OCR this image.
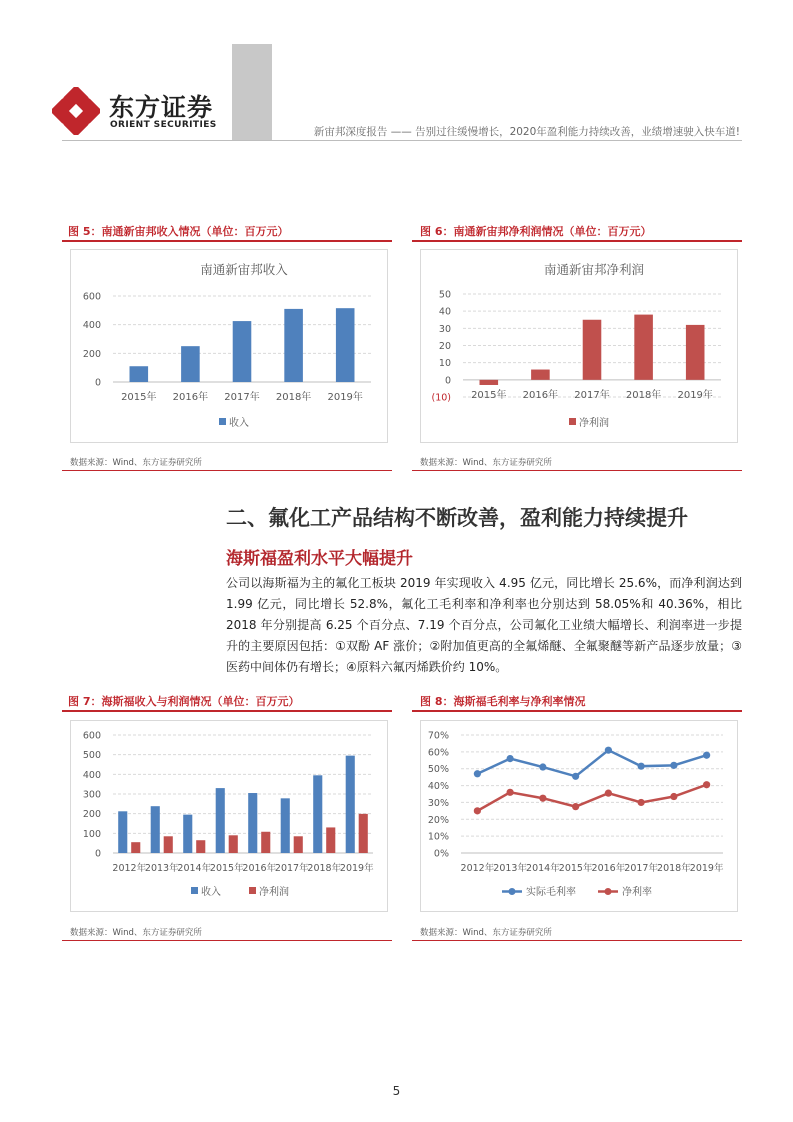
东方证券
ORIENT SECURITIES
新宙邦深度报告 —— 告别过往缓慢增长，2020年盈利能力持续改善，业绩增速驶入快车道!
图 5：南通新宙邦收入情况（单位：百万元）
南通新宙邦收入
0
200
400
600
2015年 2016年 2017年 2018年 2019年
收入
数据来源：Wind、东方证券研究所
图 6：南通新宙邦净利润情况（单位：百万元）
南通新宙邦净利润
(10)
0
10
20
30
40
50
2015年 2016年 2017年 2018年 2019年
净利润
数据来源：Wind、东方证券研究所
二、氟化工产品结构不断改善，盈利能力持续提升
海斯福盈利水平大幅提升
公司以海斯福为主的氟化工板块 2019 年实现收入 4.95 亿元，同比增长 25.6%，而净利润达到 1.99 亿元，同比增长 52.8%，氟化工毛利率和净利率也分别达到 58.05%和 40.36%，相比 2018 年分别提高 6.25 个百分点、7.19 个百分点，公司氟化工业绩大幅增长、利润率进一步提升的主要原因包括：①双酚 AF 涨价；②附加值更高的全氟烯醚、全氟聚醚等新产品逐步放量；③医药中间体仍有增长；④原料六氟丙烯跌价约 10%。
图 7：海斯福收入与利润情况（单位：百万元）
0
100
200
300
400
500
600
2012年
2013年
2014年
2015年
2016年
2017年
2018年
2019年
收入	净利润
数据来源：Wind、东方证券研究所
图 8：海斯福毛利率与净利率情况
0%
10%
20%
30%
40%
50%
60%
70%
2012年 2013年 2014年 2015年 2016年 2017年 2018年 2019年
实际毛利率	净利率
数据来源：Wind、东方证券研究所
5
